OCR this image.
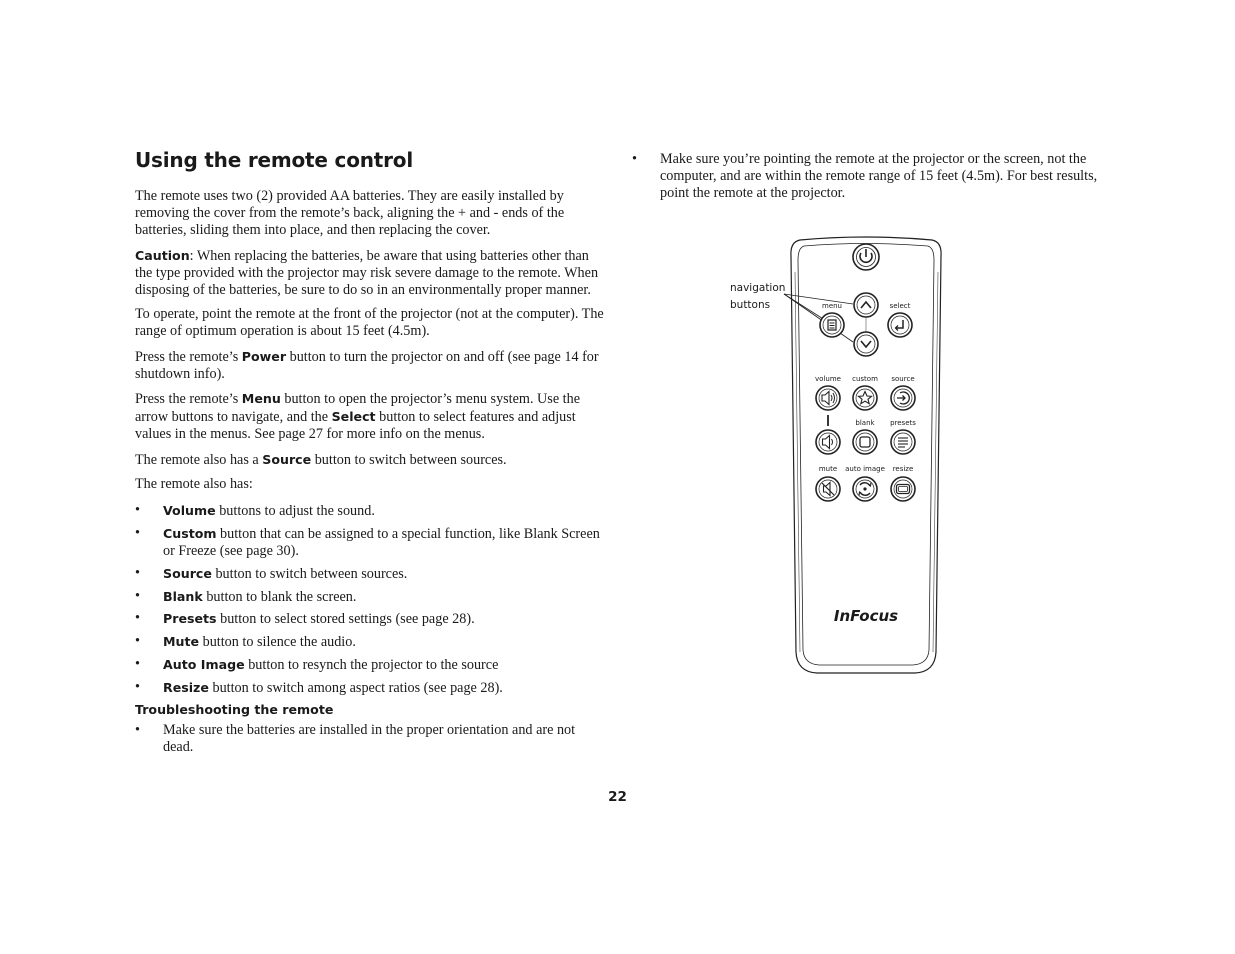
Using the remote control

The remote uses two (2) provided AA batteries. They are easily installed by removing the cover from the remote’s back, aligning the + and - ends of the batteries, sliding them into place, and then replacing the cover.

Caution: When replacing the batteries, be aware that using batteries other than the type provided with the projector may risk severe damage to the remote. When disposing of the batteries, be sure to do so in an environmentally proper manner.

To operate, point the remote at the front of the projector (not at the computer). The range of optimum operation is about 15 feet (4.5m).

Press the remote’s Power button to turn the projector on and off (see page 14 for shutdown info).

Press the remote’s Menu button to open the projector’s menu system. Use the arrow buttons to navigate, and the Select button to select features and adjust values in the menus. See page 27 for more info on the menus.

The remote also has a Source button to switch between sources.

The remote also has:

• Volume buttons to adjust the sound.
• Custom button that can be assigned to a special function, like Blank Screen or Freeze (see page 30).
• Source button to switch between sources.
• Blank button to blank the screen.
• Presets button to select stored settings (see page 28).
• Mute button to silence the audio.
• Auto Image button to resynch the projector to the source
• Resize button to switch among aspect ratios (see page 28).
Troubleshooting the remote
• Make sure the batteries are installed in the proper orientation and are not dead.
• Make sure you’re pointing the remote at the projector or the screen, not the computer, and are within the remote range of 15 feet (4.5m). For best results, point the remote at the projector.
navigation
buttons	menu	select
volume custom source
blank presets
mute auto image resize
InFocus
22
